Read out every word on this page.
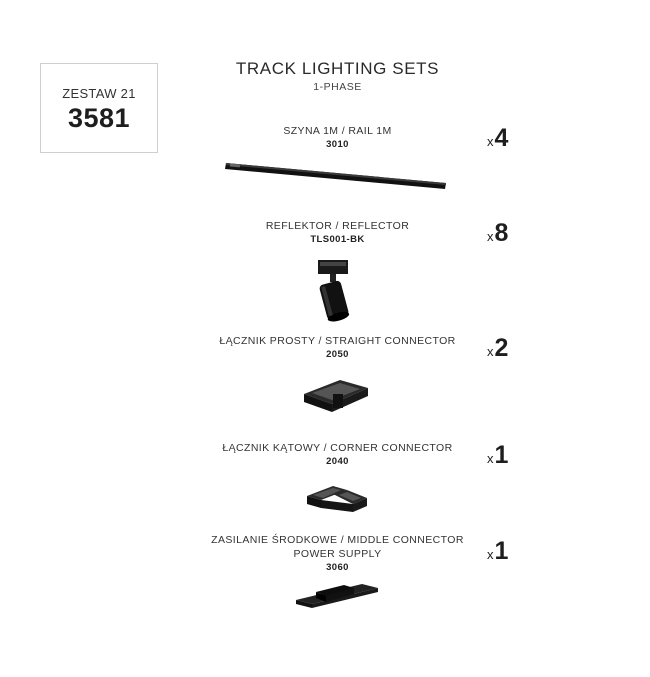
ZESTAW 21
3581
TRACK LIGHTING SETS
1-PHASE
SZYNA 1M / RAIL 1M
3010	x4
REFLEKTOR / REFLECTOR
TLS001-BK	x8
ŁĄCZNIK PROSTY / STRAIGHT CONNECTOR
2050	x2
ŁĄCZNIK KĄTOWY / CORNER CONNECTOR
2040	x1
ZASILANIE ŚRODKOWE / MIDDLE CONNECTOR
POWER SUPPLY
3060
x1
